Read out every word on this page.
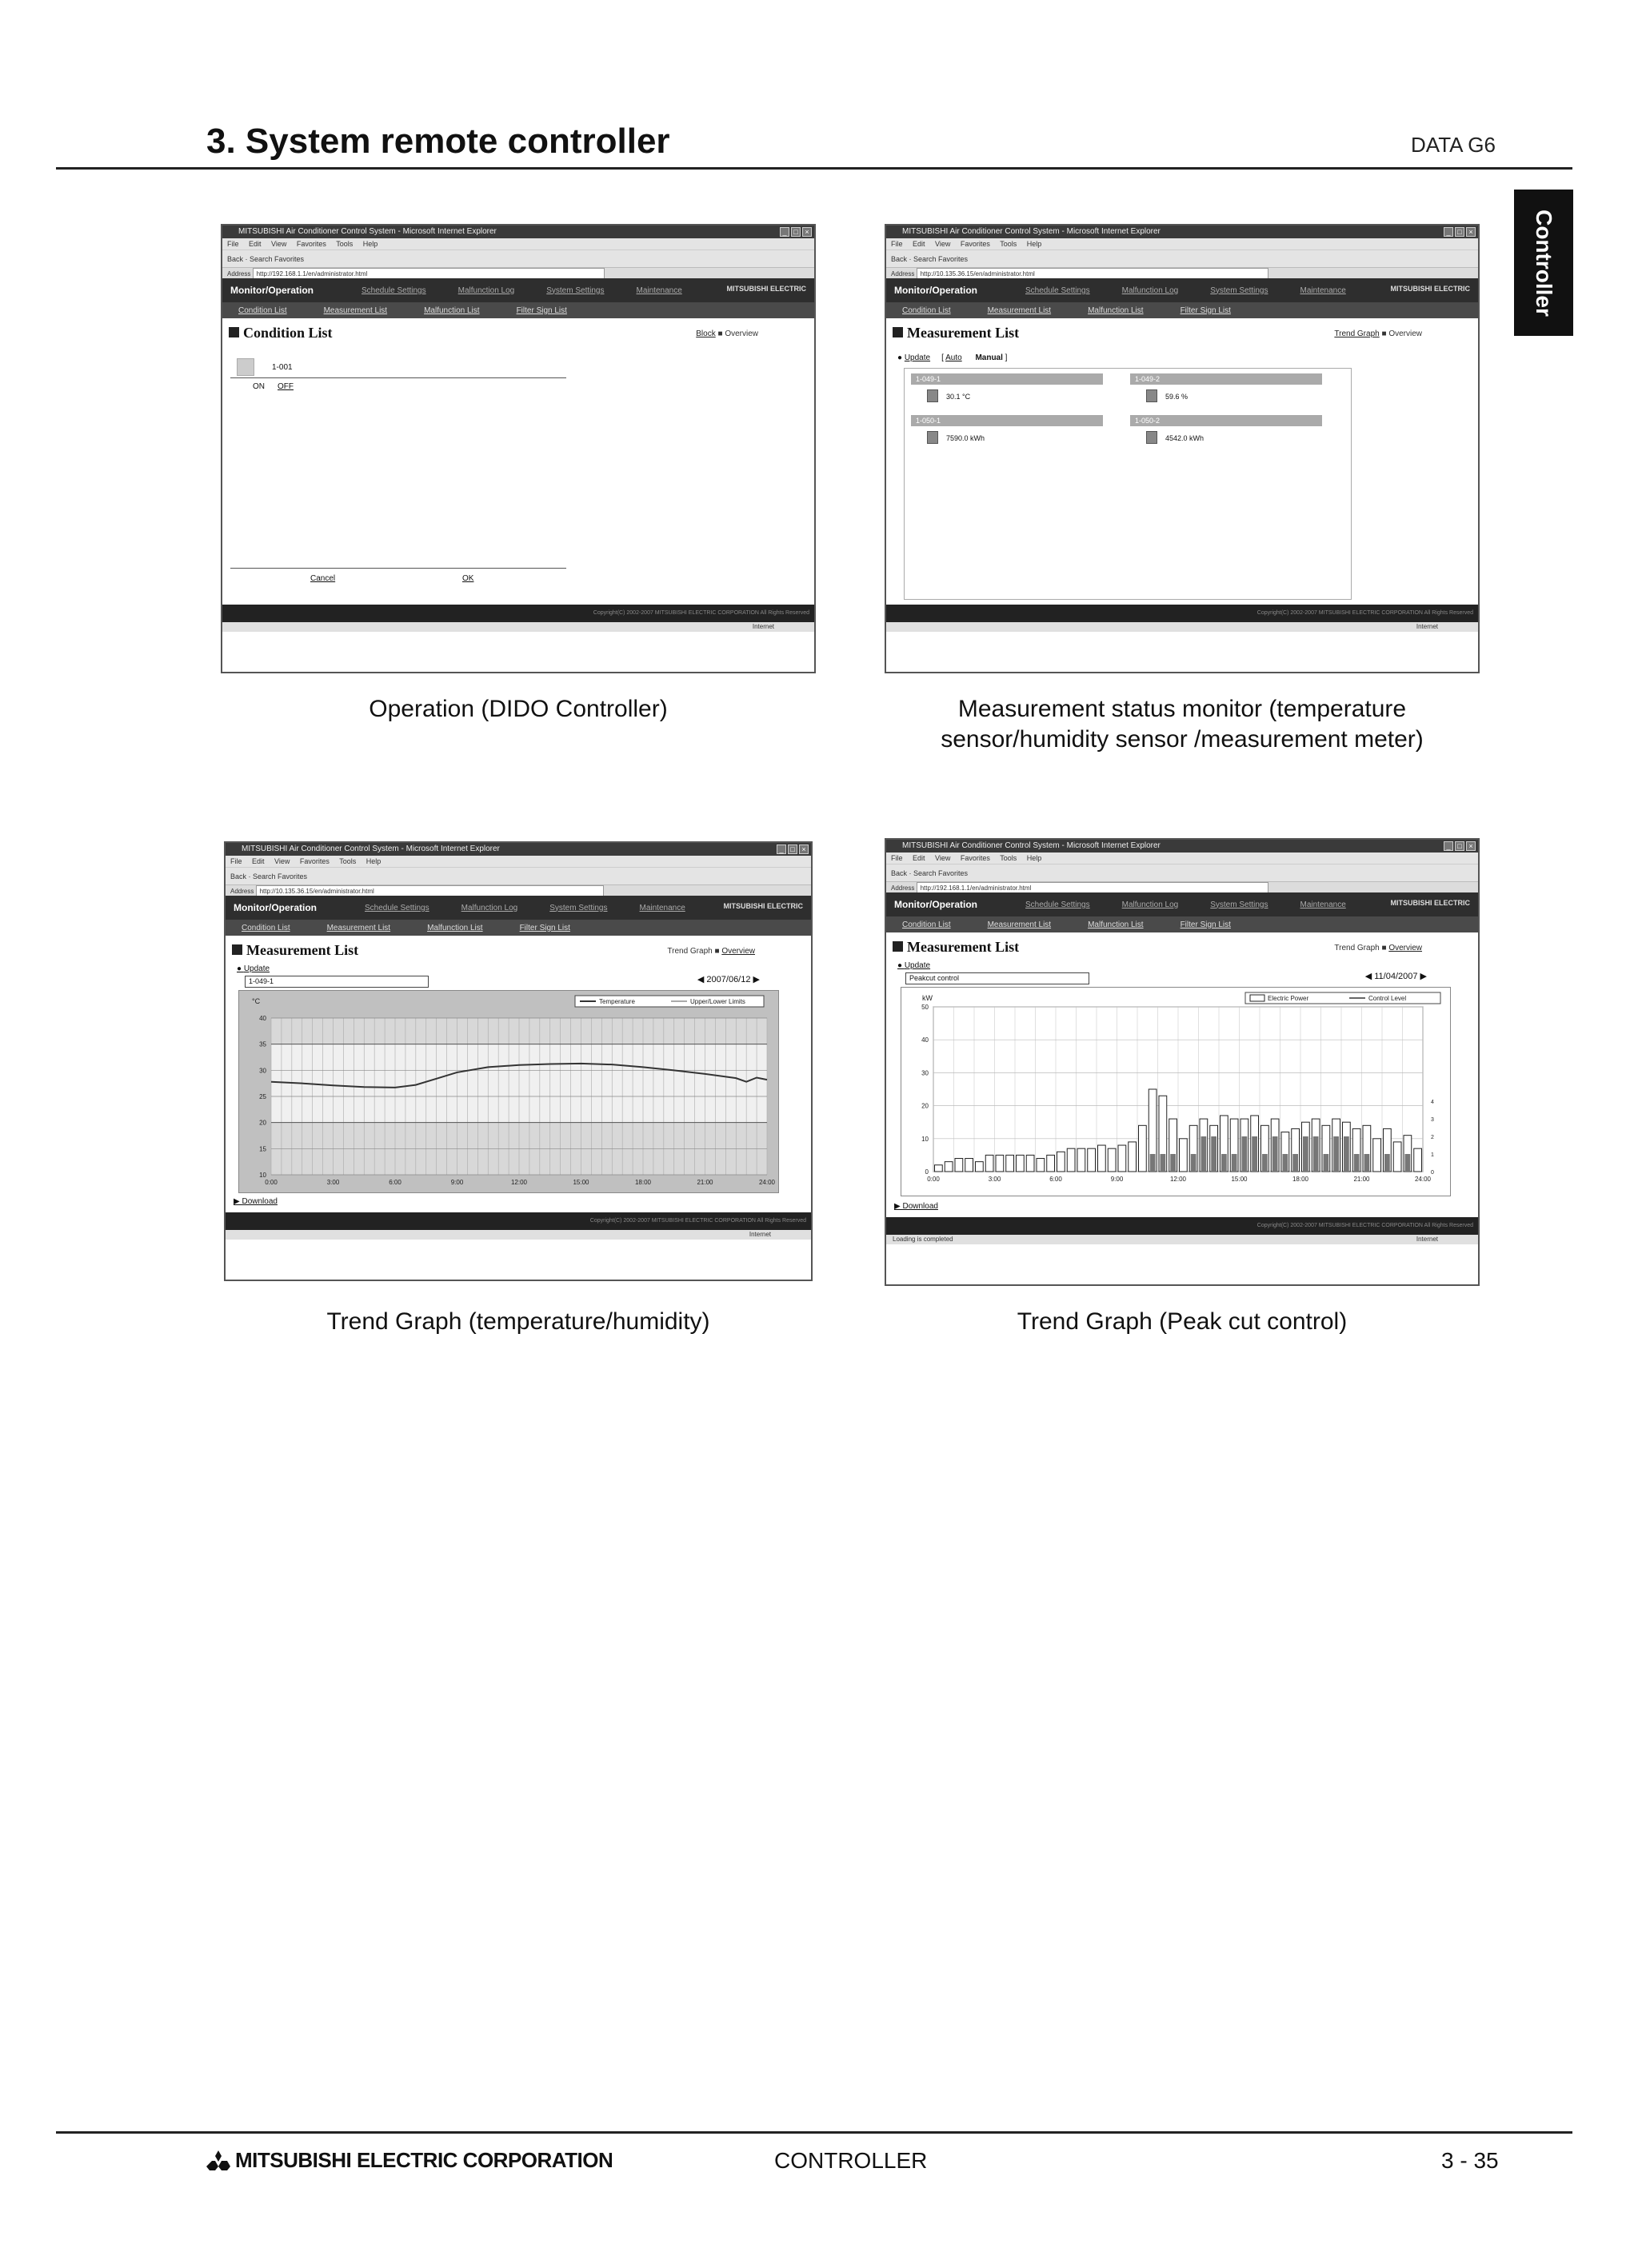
3. System remote controller	DATA G6
Controller
MITSUBISHI Air Conditioner Control System - Microsoft Internet Explorer	_ □ ×
File Edit View Favorites Tools Help
Back · Search Favorites
Address http://192.168.1.1/en/administrator.html
Monitor/Operation	Schedule Settings	Malfunction Log	System Settings	Maintenance	MITSUBISHI ELECTRIC
Condition List	Measurement List	Malfunction List	Filter Sign List
Condition List	Block ■ Overview
1-001
ON OFF
Cancel	OK
Copyright(C) 2002-2007 MITSUBISHI ELECTRIC CORPORATION All Rights Reserved
Internet
MITSUBISHI Air Conditioner Control System - Microsoft Internet Explorer	_ □ ×
File Edit View Favorites Tools Help
Back · Search Favorites
Address http://10.135.36.15/en/administrator.html
Monitor/Operation	Schedule Settings	Malfunction Log	System Settings	Maintenance	MITSUBISHI ELECTRIC
Condition List	Measurement List	Malfunction List	Filter Sign List
Measurement List	Trend Graph ■ Overview
● Update [ Auto Manual ]
1-049-1
30.1 °C
1-049-2
59.6 %
1-050-1
7590.0 kWh
1-050-2
4542.0 kWh
Copyright(C) 2002-2007 MITSUBISHI ELECTRIC CORPORATION All Rights Reserved
Internet
MITSUBISHI Air Conditioner Control System - Microsoft Internet Explorer	_ □ ×
File Edit View Favorites Tools Help
Back · Search Favorites
Address http://10.135.36.15/en/administrator.html
Monitor/Operation	Schedule Settings	Malfunction Log	System Settings	Maintenance	MITSUBISHI ELECTRIC
Condition List	Measurement List	Malfunction List	Filter Sign List
Measurement List	Trend Graph ■ Overview
● Update
1-049-1	◀ 2007/06/12 ▶
10
15
20
25
30
35
40
0:00	3:00	6:00	9:00	12:00	15:00	18:00	21:00	24:00
°C	Temperature	Upper/Lower Limits
▶ Download
Copyright(C) 2002-2007 MITSUBISHI ELECTRIC CORPORATION All Rights Reserved
Internet
MITSUBISHI Air Conditioner Control System - Microsoft Internet Explorer	_ □ ×
File Edit View Favorites Tools Help
Back · Search Favorites
Address http://192.168.1.1/en/administrator.html
Monitor/Operation	Schedule Settings	Malfunction Log	System Settings	Maintenance	MITSUBISHI ELECTRIC
Condition List	Measurement List	Malfunction List	Filter Sign List
Measurement List	Trend Graph ■ Overview
● Update
Peakcut control	◀ 11/04/2007 ▶
0
10
20
30
40
50
0
1
2
3
4
0:00	3:00	6:00	9:00	12:00	15:00	18:00	21:00	24:00
kW	Electric Power	Control Level
▶ Download
Copyright(C) 2002-2007 MITSUBISHI ELECTRIC CORPORATION All Rights Reserved
Loading is completed	Internet
Operation (DIDO Controller)	Measurement status monitor (temperature
sensor/humidity sensor /measurement meter)
Trend Graph (temperature/humidity)	Trend Graph (Peak cut control)
MITSUBISHI ELECTRIC CORPORATION	CONTROLLER	3 - 35
